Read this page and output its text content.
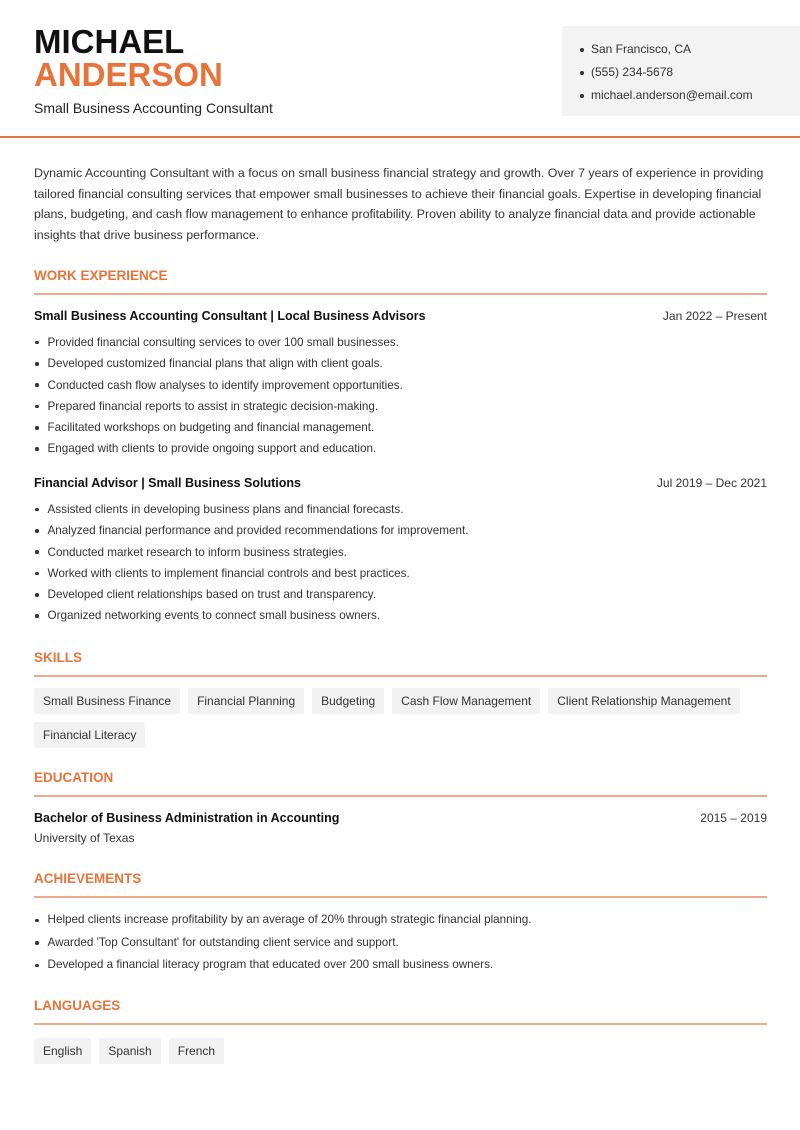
MICHAEL
ANDERSON
Small Business Accounting Consultant
San Francisco, CA
(555) 234-5678
michael.anderson@email.com

Dynamic Accounting Consultant with a focus on small business financial strategy and growth. Over 7 years of experience in providing tailored financial consulting services that empower small businesses to achieve their financial goals. Expertise in developing financial plans, budgeting, and cash flow management to enhance profitability. Proven ability to analyze financial data and provide actionable insights that drive business performance.

WORK EXPERIENCE
Small Business Accounting Consultant | Local Business Advisors	Jan 2022 – Present
Provided financial consulting services to over 100 small businesses.
Developed customized financial plans that align with client goals.
Conducted cash flow analyses to identify improvement opportunities.
Prepared financial reports to assist in strategic decision-making.
Facilitated workshops on budgeting and financial management.
Engaged with clients to provide ongoing support and education.
Financial Advisor | Small Business Solutions	Jul 2019 – Dec 2021
Assisted clients in developing business plans and financial forecasts.
Analyzed financial performance and provided recommendations for improvement.
Conducted market research to inform business strategies.
Worked with clients to implement financial controls and best practices.
Developed client relationships based on trust and transparency.
Organized networking events to connect small business owners.
SKILLS
Small Business Finance	Financial Planning	Budgeting	Cash Flow Management	Client Relationship Management
Financial Literacy
EDUCATION
Bachelor of Business Administration in Accounting	2015 – 2019
University of Texas
ACHIEVEMENTS
Helped clients increase profitability by an average of 20% through strategic financial planning.
Awarded 'Top Consultant' for outstanding client service and support.
Developed a financial literacy program that educated over 200 small business owners.
LANGUAGES
English	Spanish	French
